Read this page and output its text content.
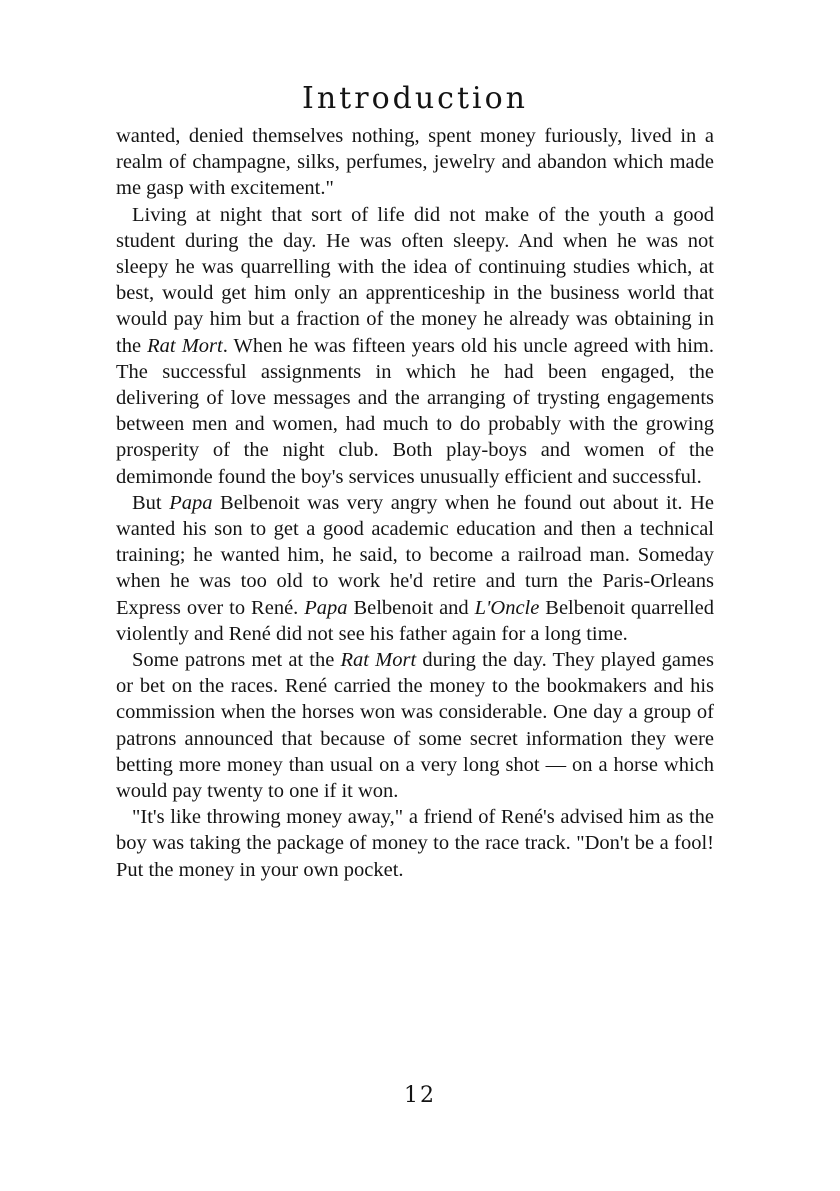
Introduction

wanted, denied themselves nothing, spent money furiously, lived in a realm of champagne, silks, perfumes, jewelry and abandon which made me gasp with excitement."

Living at night that sort of life did not make of the youth a good student during the day. He was often sleepy. And when he was not sleepy he was quarrelling with the idea of continuing studies which, at best, would get him only an apprenticeship in the business world that would pay him but a fraction of the money he already was obtaining in the Rat Mort. When he was fifteen years old his uncle agreed with him. The successful assignments in which he had been engaged, the delivering of love messages and the arranging of trysting engagements between men and women, had much to do probably with the growing prosperity of the night club. Both play-boys and women of the demimonde found the boy's services unusually efficient and successful.

But Papa Belbenoit was very angry when he found out about it. He wanted his son to get a good academic education and then a technical training; he wanted him, he said, to become a railroad man. Someday when he was too old to work he'd retire and turn the Paris-Orleans Express over to René. Papa Belbenoit and L'Oncle Belbenoit quarrelled violently and René did not see his father again for a long time.

Some patrons met at the Rat Mort during the day. They played games or bet on the races. René carried the money to the bookmakers and his commission when the horses won was considerable. One day a group of patrons announced that because of some secret information they were betting more money than usual on a very long shot — on a horse which would pay twenty to one if it won.

"It's like throwing money away," a friend of René's advised him as the boy was taking the package of money to the race track. "Don't be a fool! Put the money in your own pocket.

12
